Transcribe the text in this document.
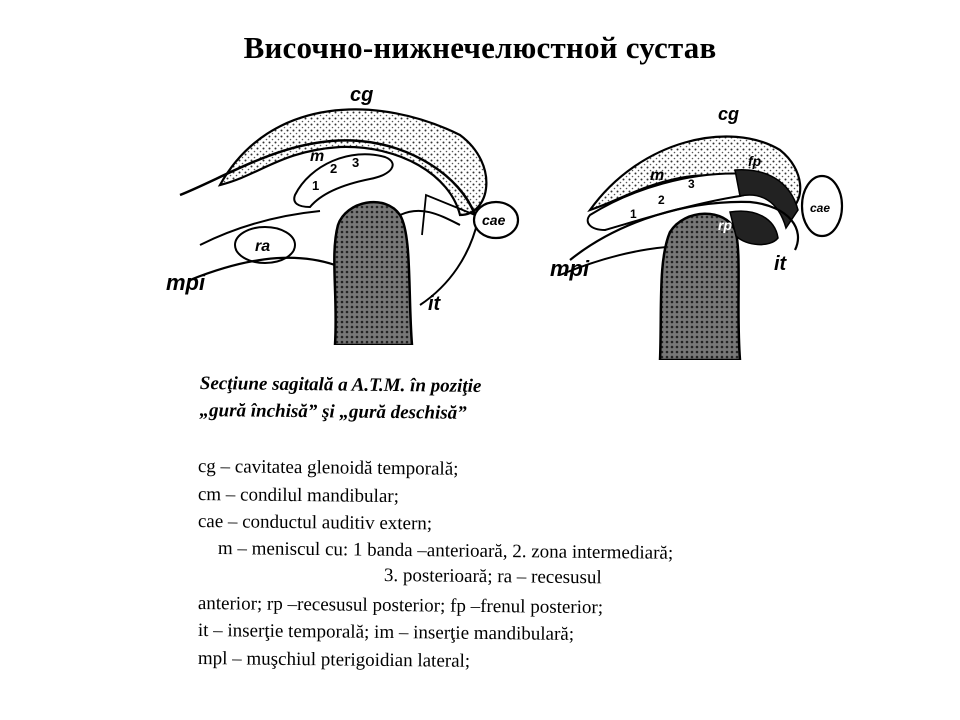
Височно-нижнечелюстной сустав
cg
m
1
2 3
ra
cae
mpi
it
cg
m
fp
1
2
3
rp
cae
mpi	it
Secţiune sagitală a A.T.M. în poziţie
„gură închisă” şi „gură deschisă”
cg – cavitatea glenoidă temporală;
cm – condilul mandibular;
cae – conductul auditiv extern;
m – meniscul cu: 1 banda –anterioară, 2. zona intermediară;
3. posterioară; ra – recesusul
anterior; rp –recesusul posterior; fp –frenul posterior;
it – inserţie temporală; im – inserţie mandibulară;
mpl – muşchiul pterigoidian lateral;
